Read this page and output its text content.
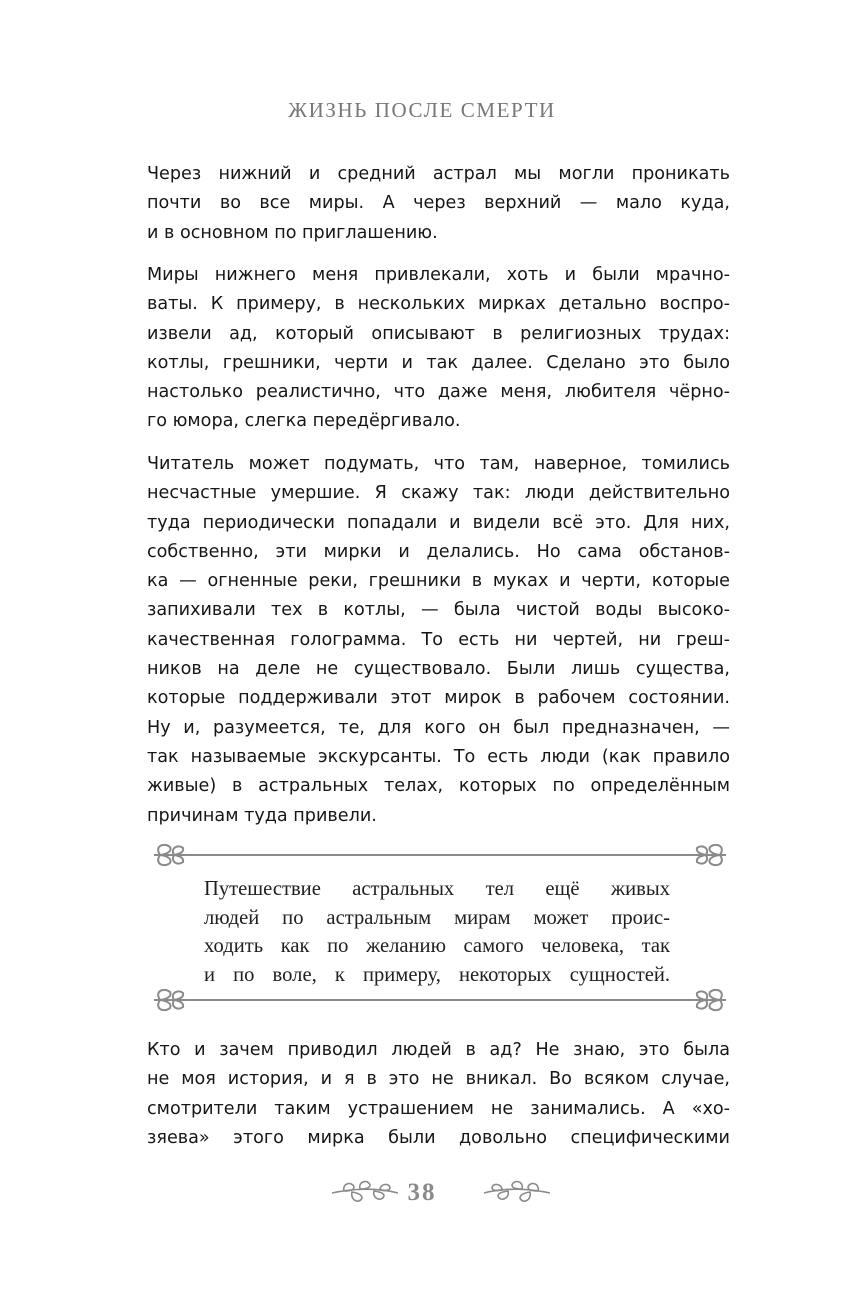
ЖИЗНЬ ПОСЛЕ СМЕРТИ

Через нижний и средний астрал мы могли проникать
почти во все миры. А через верхний — мало куда,
и в основном по приглашению.

Миры нижнего меня привлекали, хоть и были мрачно-
ваты. К примеру, в нескольких мирках детально воспро-
извели ад, который описывают в религиозных трудах:
котлы, грешники, черти и так далее. Сделано это было
настолько реалистично, что даже меня, любителя чёрно-
го юмора, слегка передёргивало.

Читатель может подумать, что там, наверное, томились
несчастные умершие. Я скажу так: люди действительно
туда периодически попадали и видели всё это. Для них,
собственно, эти мирки и делались. Но сама обстанов-
ка — огненные реки, грешники в муках и черти, которые
запихивали тех в котлы, — была чистой воды высоко-
качественная голограмма. То есть ни чертей, ни греш-
ников на деле не существовало. Были лишь существа,
которые поддерживали этот мирок в рабочем состоянии.
Ну и, разумеется, те, для кого он был предназначен, —
так называемые экскурсанты. То есть люди (как правило
живые) в астральных телах, которых по определённым
причинам туда привели.

Путешествие астральных тел ещё живых
людей по астральным мирам может проис-
ходить как по желанию самого человека, так
и по воле, к примеру, некоторых сущностей.

Кто и зачем приводил людей в ад? Не знаю, это была
не моя история, и я в это не вникал. Во всяком случае,
смотрители таким устрашением не занимались. А «хо-
зяева» этого мирка были довольно специфическими

38
